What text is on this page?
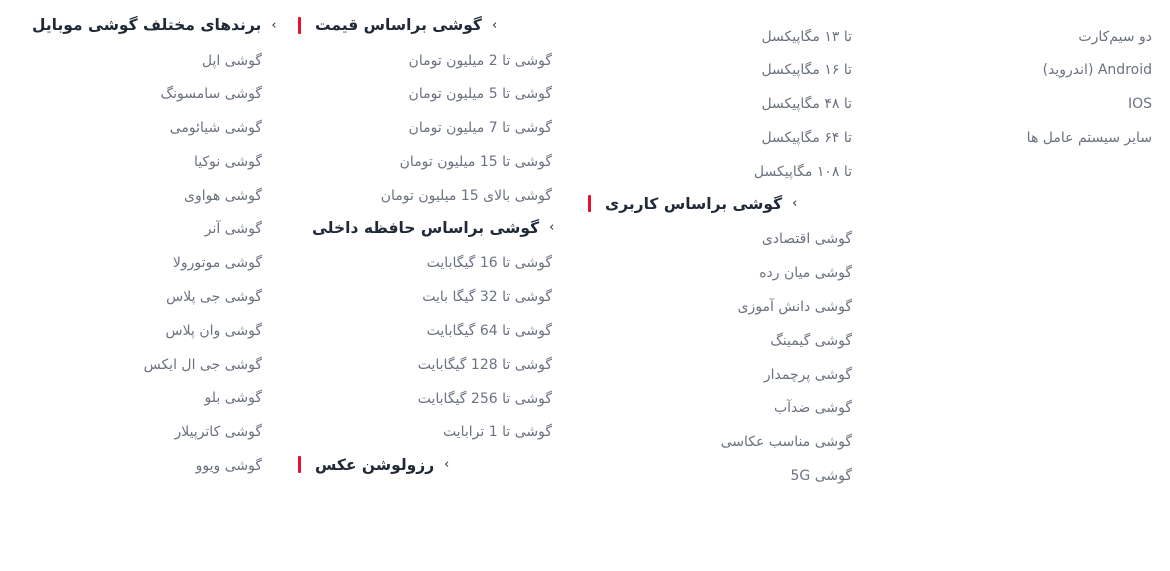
دو سیم‌کارت
Android (اندروید)
IOS
سایر سیستم عامل ها
تا ۱۳ مگاپیکسل
تا ۱۶ مگاپیکسل
تا ۴۸ مگاپیکسل
تا ۶۴ مگاپیکسل
تا ۱۰۸ مگاپیکسل
›
گوشی براساس کاربری
گوشی اقتصادی
گوشی میان رده
گوشی دانش آموزی
گوشی گیمینگ
گوشی پرچمدار
گوشی ضدآب
گوشی مناسب عکاسی
گوشی 5G
›
گوشی براساس قیمت
گوشی تا 2 میلیون تومان
گوشی تا 5 میلیون تومان
گوشی تا 7 میلیون تومان
گوشی تا 15 میلیون تومان
گوشی بالای 15 میلیون تومان
›
گوشی براساس حافظه داخلی
گوشی تا 16 گیگابایت
گوشی تا 32 گیگا بایت
گوشی تا 64 گیگابایت
گوشی تا 128 گیگابایت
گوشی تا 256 گیگابایت
گوشی تا 1 ترابایت
›
رزولوشن عکس
›
برندهای مختلف گوشی موبایل
گوشی اپل
گوشی سامسونگ
گوشی شیائومی
گوشی نوکیا
گوشی هواوی
گوشی آنر
گوشی موتورولا
گوشی جی پلاس
گوشی وان پلاس
گوشی جی ال ایکس
گوشی بلو
گوشی کاترپیلار
گوشی ویوو
